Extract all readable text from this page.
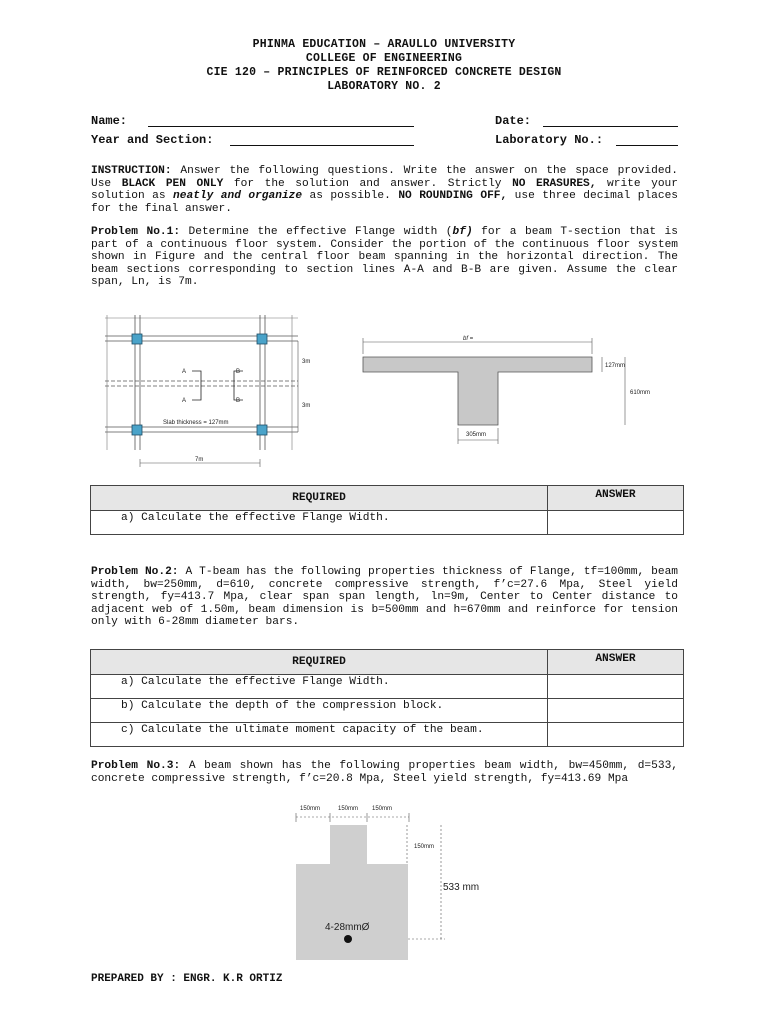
PHINMA EDUCATION – ARAULLO UNIVERSITY
COLLEGE OF ENGINEERING
CIE 120 – PRINCIPLES OF REINFORCED CONCRETE DESIGN
LABORATORY NO. 2
Name:	Date:
Year and Section:	Laboratory No.:
INSTRUCTION: Answer the following questions. Write the answer on the space provided. Use BLACK PEN ONLY for the solution and answer. Strictly NO ERASURES, write your solution as neatly and organize as possible. NO ROUNDING OFF, use three decimal places for the final answer.
Problem No.1: Determine the effective Flange width (bf) for a beam T-section that is part of a continuous floor system. Consider the portion of the continuous floor system shown in Figure and the central floor beam spanning in the horizontal direction. The beam sections corresponding to section lines A-A and B-B are given. Assume the clear span, Ln, is 7m.
A
A
B
B
Slab thickness = 127mm
3m
3m
7m
bf =
127mm
610mm
305mm
REQUIRED	ANSWER
a) Calculate the effective Flange Width.	
Problem No.2: A T-beam has the following properties thickness of Flange, tf=100mm, beam width, bw=250mm, d=610, concrete compressive strength, f’c=27.6 Mpa, Steel yield strength, fy=413.7 Mpa, clear span span length, ln=9m, Center to Center distance to adjacent web of 1.50m, beam dimension is b=500mm and h=670mm and reinforce for tension only with 6-28mm diameter bars.
REQUIRED	ANSWER
a) Calculate the effective Flange Width.	
b) Calculate the depth of the compression block.	
c) Calculate the ultimate moment capacity of the beam.	
Problem No.3: A beam shown has the following properties beam width, bw=450mm, d=533, concrete compressive strength, f’c=20.8 Mpa, Steel yield strength, fy=413.69 Mpa
150mm	150mm 150mm
150mm
533 mm
4-28mmØ
PREPARED BY : ENGR. K.R ORTIZ
